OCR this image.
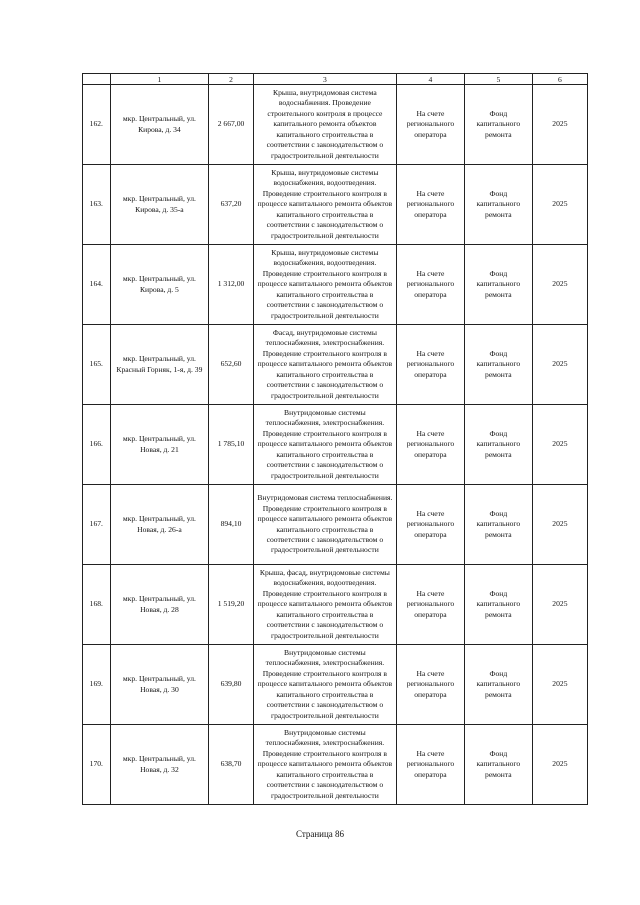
	1	2	3	4	5	6
162.	мкр. Центральный, ул. Кирова, д. 34	2 667,00	Крыша, внутридомовая система водоснабжения. Проведение строительного контроля в процессе капитального ремонта объектов капитального строительства в соответствии с законодательством о градостроительной деятельности	На счете регионального оператора	Фонд капитального ремонта	2025
163.	мкр. Центральный, ул. Кирова, д. 35-а	637,20	Крыша, внутридомовые системы водоснабжения, водоотведения. Проведение строительного контроля в процессе капитального ремонта объектов капитального строительства в соответствии с законодательством о градостроительной деятельности	На счете регионального оператора	Фонд капитального ремонта	2025
164.	мкр. Центральный, ул. Кирова, д. 5	1 312,00	Крыша, внутридомовые системы водоснабжения, водоотведения. Проведение строительного контроля в процессе капитального ремонта объектов капитального строительства в соответствии с законодательством о градостроительной деятельности	На счете регионального оператора	Фонд капитального ремонта	2025
165.	мкр. Центральный, ул. Красный Горняк, 1-я, д. 39	652,60	Фасад, внутридомовые системы теплоснабжения, электроснабжения. Проведение строительного контроля в процессе капитального ремонта объектов капитального строительства в соответствии с законодательством о градостроительной деятельности	На счете регионального оператора	Фонд капитального ремонта	2025
166.	мкр. Центральный, ул. Новая, д. 21	1 785,10	Внутридомовые системы теплоснабжения, электроснабжения. Проведение строительного контроля в процессе капитального ремонта объектов капитального строительства в соответствии с законодательством о градостроительной деятельности	На счете регионального оператора	Фонд капитального ремонта	2025
167.	мкр. Центральный, ул. Новая, д. 26-а	894,10	Внутридомовая система теплоснабжения. Проведение строительного контроля в процессе капитального ремонта объектов капитального строительства в соответствии с законодательством о градостроительной деятельности	На счете регионального оператора	Фонд капитального ремонта	2025
168.	мкр. Центральный, ул. Новая, д. 28	1 519,20	Крыша, фасад, внутридомовые системы водоснабжения, водоотведения. Проведение строительного контроля в процессе капитального ремонта объектов капитального строительства в соответствии с законодательством о градостроительной деятельности	На счете регионального оператора	Фонд капитального ремонта	2025
169.	мкр. Центральный, ул. Новая, д. 30	639,80	Внутридомовые системы теплоснабжения, электроснабжения. Проведение строительного контроля в процессе капитального ремонта объектов капитального строительства в соответствии с законодательством о градостроительной деятельности	На счете регионального оператора	Фонд капитального ремонта	2025
170.	мкр. Центральный, ул. Новая, д. 32	638,70	Внутридомовые системы теплоснабжения, электроснабжения. Проведение строительного контроля в процессе капитального ремонта объектов капитального строительства в соответствии с законодательством о градостроительной деятельности	На счете регионального оператора	Фонд капитального ремонта	2025
Страница 86
